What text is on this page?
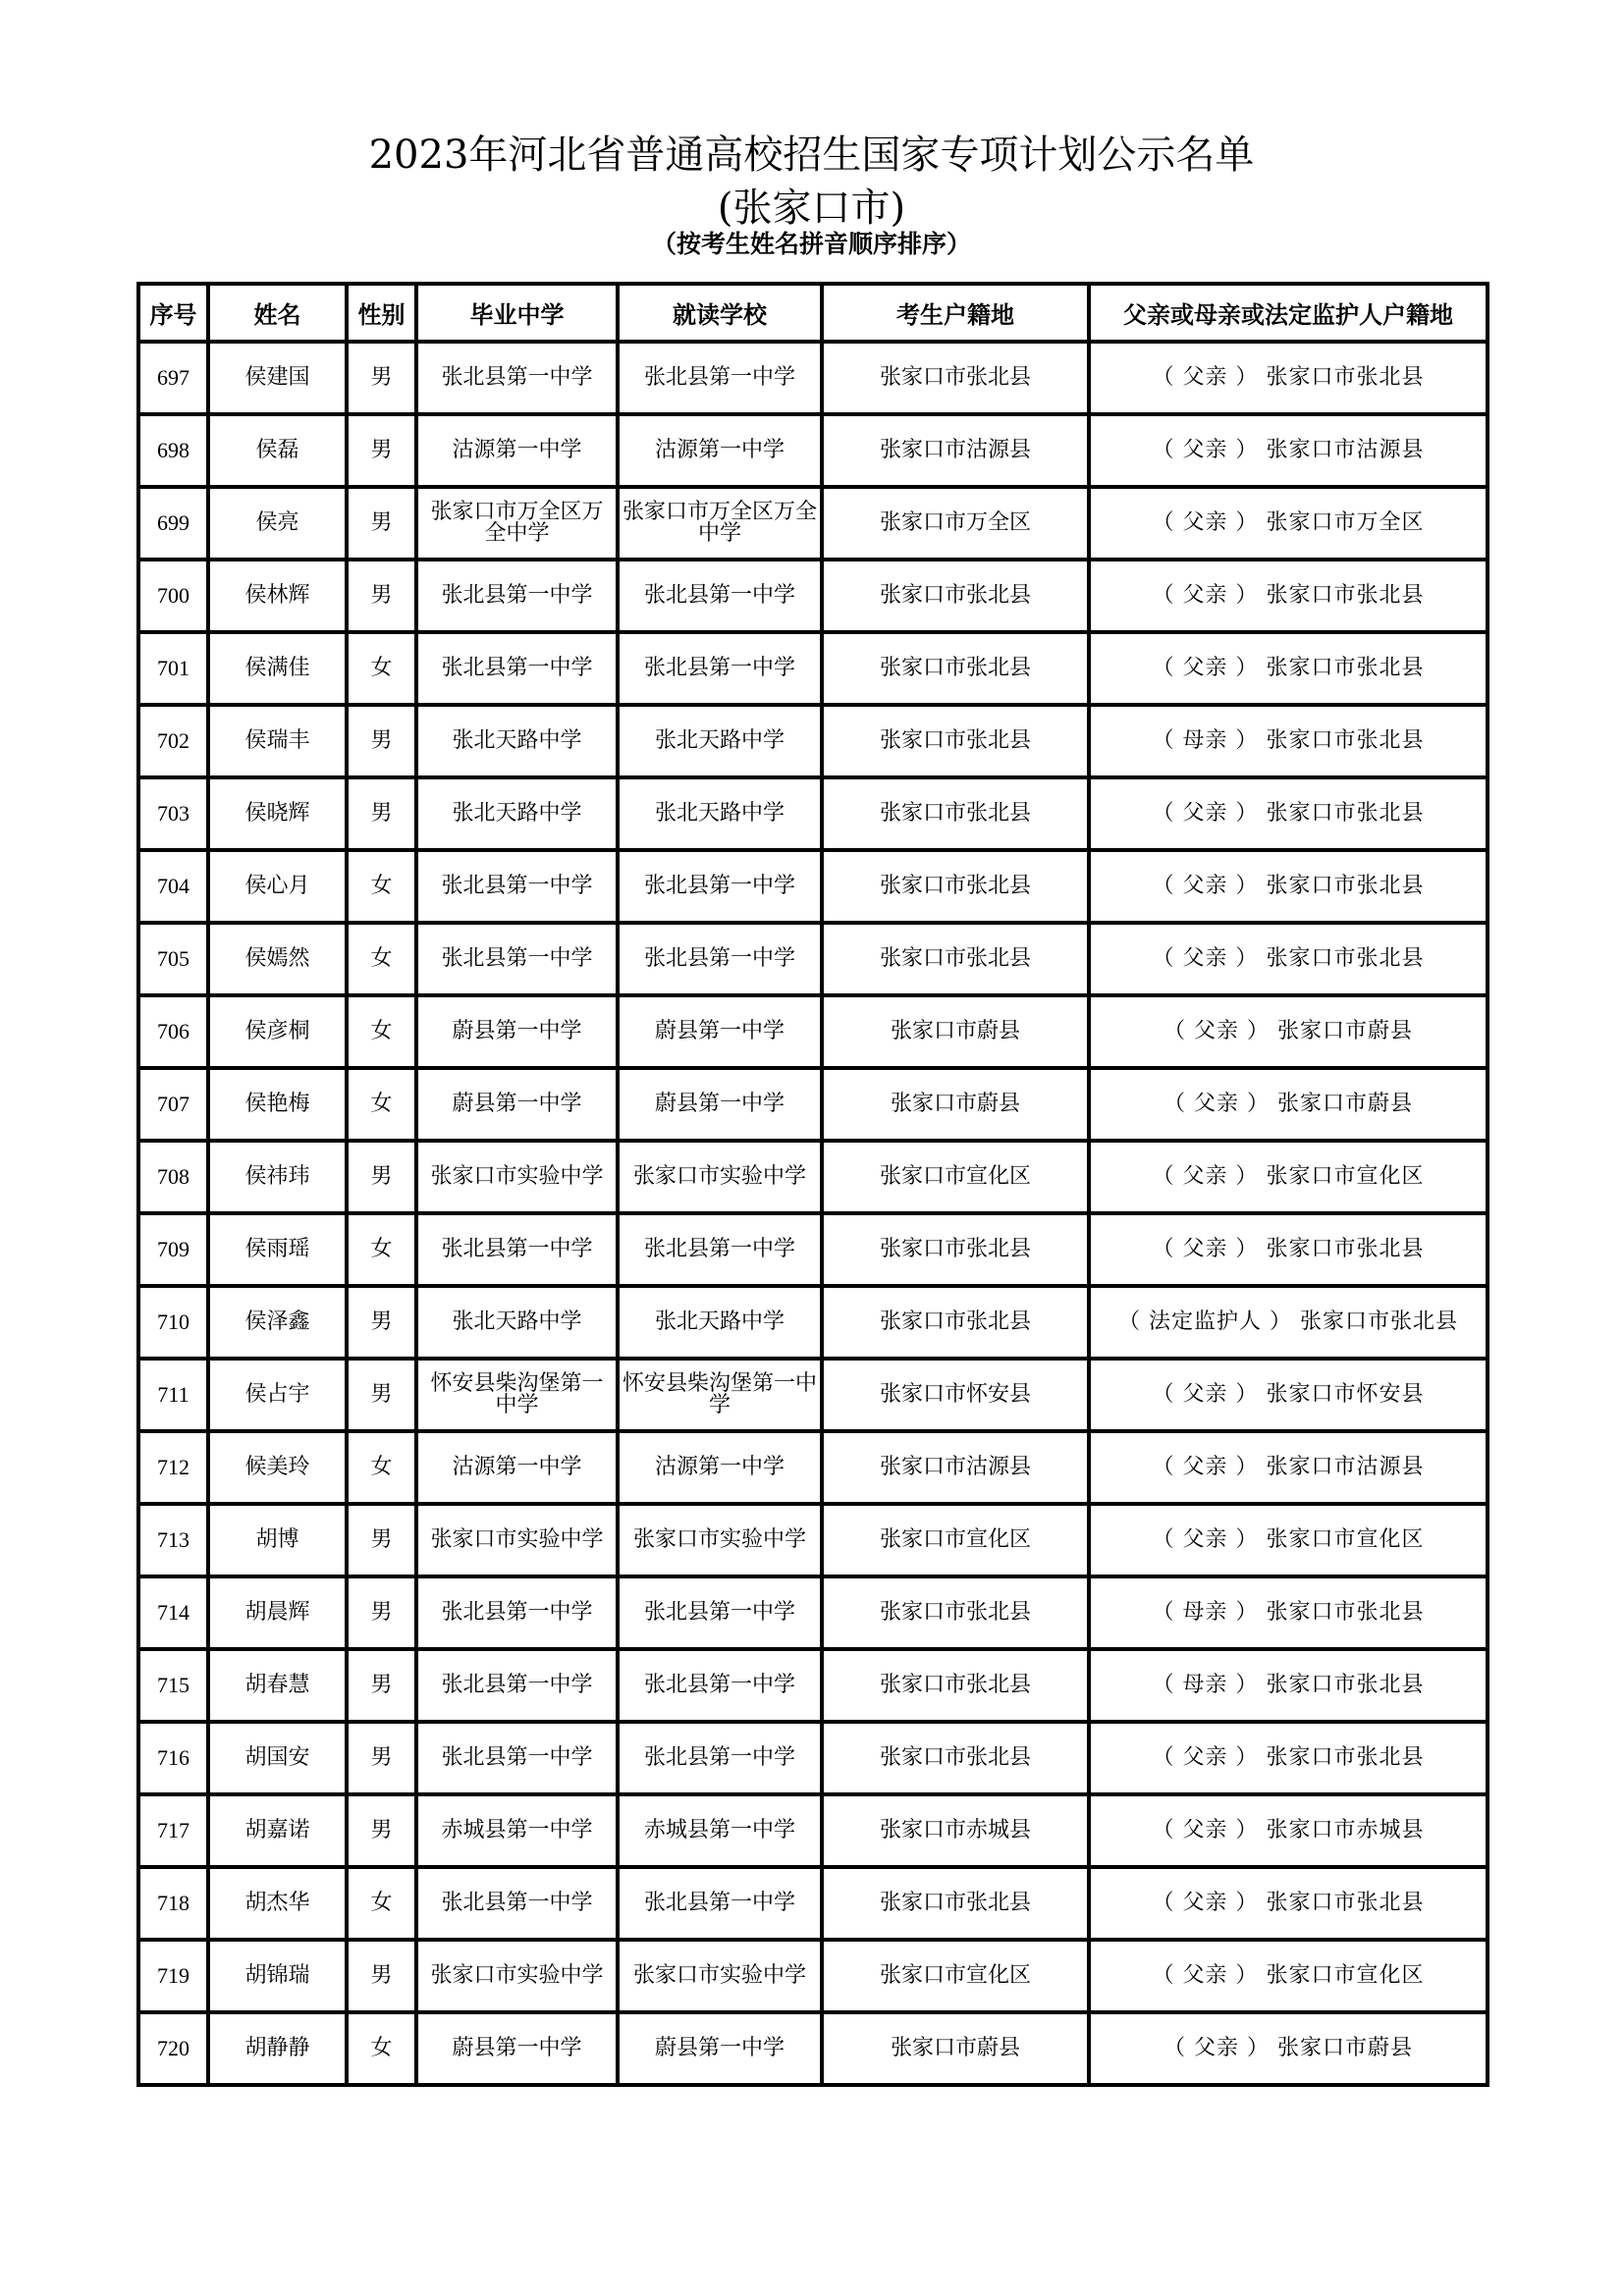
2023年河北省普通高校招生国家专项计划公示名单
(张家口市)
（按考生姓名拼音顺序排序）
序号	姓名	性别	毕业中学	就读学校	考生户籍地	父亲或母亲或法定监护人户籍地
697	侯建国	男	张北县第一中学	张北县第一中学	张家口市张北县	（ 父亲 ） 张家口市张北县
698	侯磊	男	沽源第一中学	沽源第一中学	张家口市沽源县	（ 父亲 ） 张家口市沽源县
699	侯亮	男	张家口市万全区万全中学	张家口市万全区万全中学	张家口市万全区	（ 父亲 ） 张家口市万全区
700	侯林辉	男	张北县第一中学	张北县第一中学	张家口市张北县	（ 父亲 ） 张家口市张北县
701	侯满佳	女	张北县第一中学	张北县第一中学	张家口市张北县	（ 父亲 ） 张家口市张北县
702	侯瑞丰	男	张北天路中学	张北天路中学	张家口市张北县	（ 母亲 ） 张家口市张北县
703	侯晓辉	男	张北天路中学	张北天路中学	张家口市张北县	（ 父亲 ） 张家口市张北县
704	侯心月	女	张北县第一中学	张北县第一中学	张家口市张北县	（ 父亲 ） 张家口市张北县
705	侯嫣然	女	张北县第一中学	张北县第一中学	张家口市张北县	（ 父亲 ） 张家口市张北县
706	侯彦桐	女	蔚县第一中学	蔚县第一中学	张家口市蔚县	（ 父亲 ） 张家口市蔚县
707	侯艳梅	女	蔚县第一中学	蔚县第一中学	张家口市蔚县	（ 父亲 ） 张家口市蔚县
708	侯祎玮	男	张家口市实验中学	张家口市实验中学	张家口市宣化区	（ 父亲 ） 张家口市宣化区
709	侯雨瑶	女	张北县第一中学	张北县第一中学	张家口市张北县	（ 父亲 ） 张家口市张北县
710	侯泽鑫	男	张北天路中学	张北天路中学	张家口市张北县	（ 法定监护人 ） 张家口市张北县
711	侯占宇	男	怀安县柴沟堡第一中学	怀安县柴沟堡第一中学	张家口市怀安县	（ 父亲 ） 张家口市怀安县
712	候美玲	女	沽源第一中学	沽源第一中学	张家口市沽源县	（ 父亲 ） 张家口市沽源县
713	胡博	男	张家口市实验中学	张家口市实验中学	张家口市宣化区	（ 父亲 ） 张家口市宣化区
714	胡晨辉	男	张北县第一中学	张北县第一中学	张家口市张北县	（ 母亲 ） 张家口市张北县
715	胡春慧	男	张北县第一中学	张北县第一中学	张家口市张北县	（ 母亲 ） 张家口市张北县
716	胡国安	男	张北县第一中学	张北县第一中学	张家口市张北县	（ 父亲 ） 张家口市张北县
717	胡嘉诺	男	赤城县第一中学	赤城县第一中学	张家口市赤城县	（ 父亲 ） 张家口市赤城县
718	胡杰华	女	张北县第一中学	张北县第一中学	张家口市张北县	（ 父亲 ） 张家口市张北县
719	胡锦瑞	男	张家口市实验中学	张家口市实验中学	张家口市宣化区	（ 父亲 ） 张家口市宣化区
720	胡静静	女	蔚县第一中学	蔚县第一中学	张家口市蔚县	（ 父亲 ） 张家口市蔚县
